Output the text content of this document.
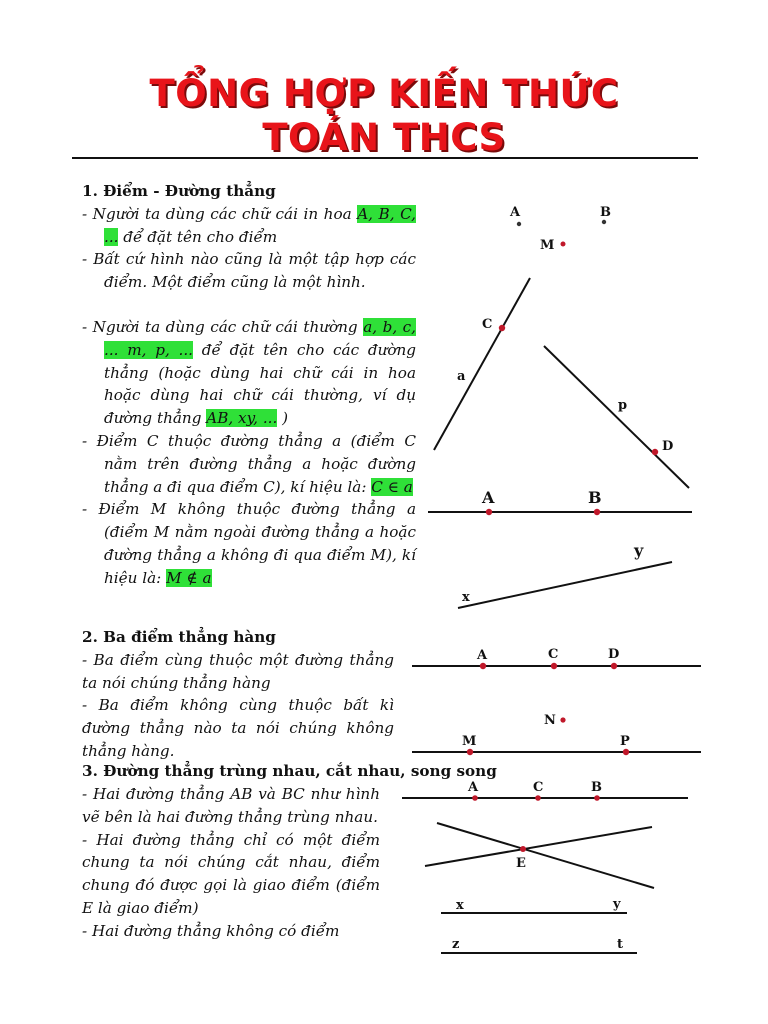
TỔNG HỢP KIẾN THỨC
TOÁN THCS

1. Điểm - Đường thẳng

- Người ta dùng các chữ cái in hoa A, B, C, ... để đặt tên cho điểm

- Bất cứ hình nào cũng là một tập hợp các điểm. Một điểm cũng là một hình.

- Người ta dùng các chữ cái thường a, b, c, ... m, p, ... để đặt tên cho các đường thẳng (hoặc dùng hai chữ cái in hoa hoặc dùng hai chữ cái thường, ví dụ đường thẳng AB, xy, ... )

- Điểm C thuộc đường thẳng a (điểm C nằm trên đường thẳng a hoặc đường thẳng a đi qua điểm C), kí hiệu là: C ∈ a

- Điểm M không thuộc đường thẳng a (điểm M nằm ngoài đường thẳng a hoặc đường thẳng a không đi qua điểm M), kí hiệu là: M ∉ a

2. Ba điểm thẳng hàng

- Ba điểm cùng thuộc một đường thẳng ta nói chúng thẳng hàng

- Ba điểm không cùng thuộc bất kì đường thẳng nào ta nói chúng không thẳng hàng.

3. Đường thẳng trùng nhau, cắt nhau, song song

- Hai đường thẳng AB và BC như hình vẽ bên là hai đường thẳng trùng nhau.

- Hai đường thẳng chỉ có một điểm chung ta nói chúng cắt nhau, điểm chung đó được gọi là giao điểm (điểm E là giao điểm)

- Hai đường thẳng không có điểm

A	B
M
C
a
p
D
A	B
x
y
A	C	D
N
M	P
A	C	B
E
x	y
z	t
